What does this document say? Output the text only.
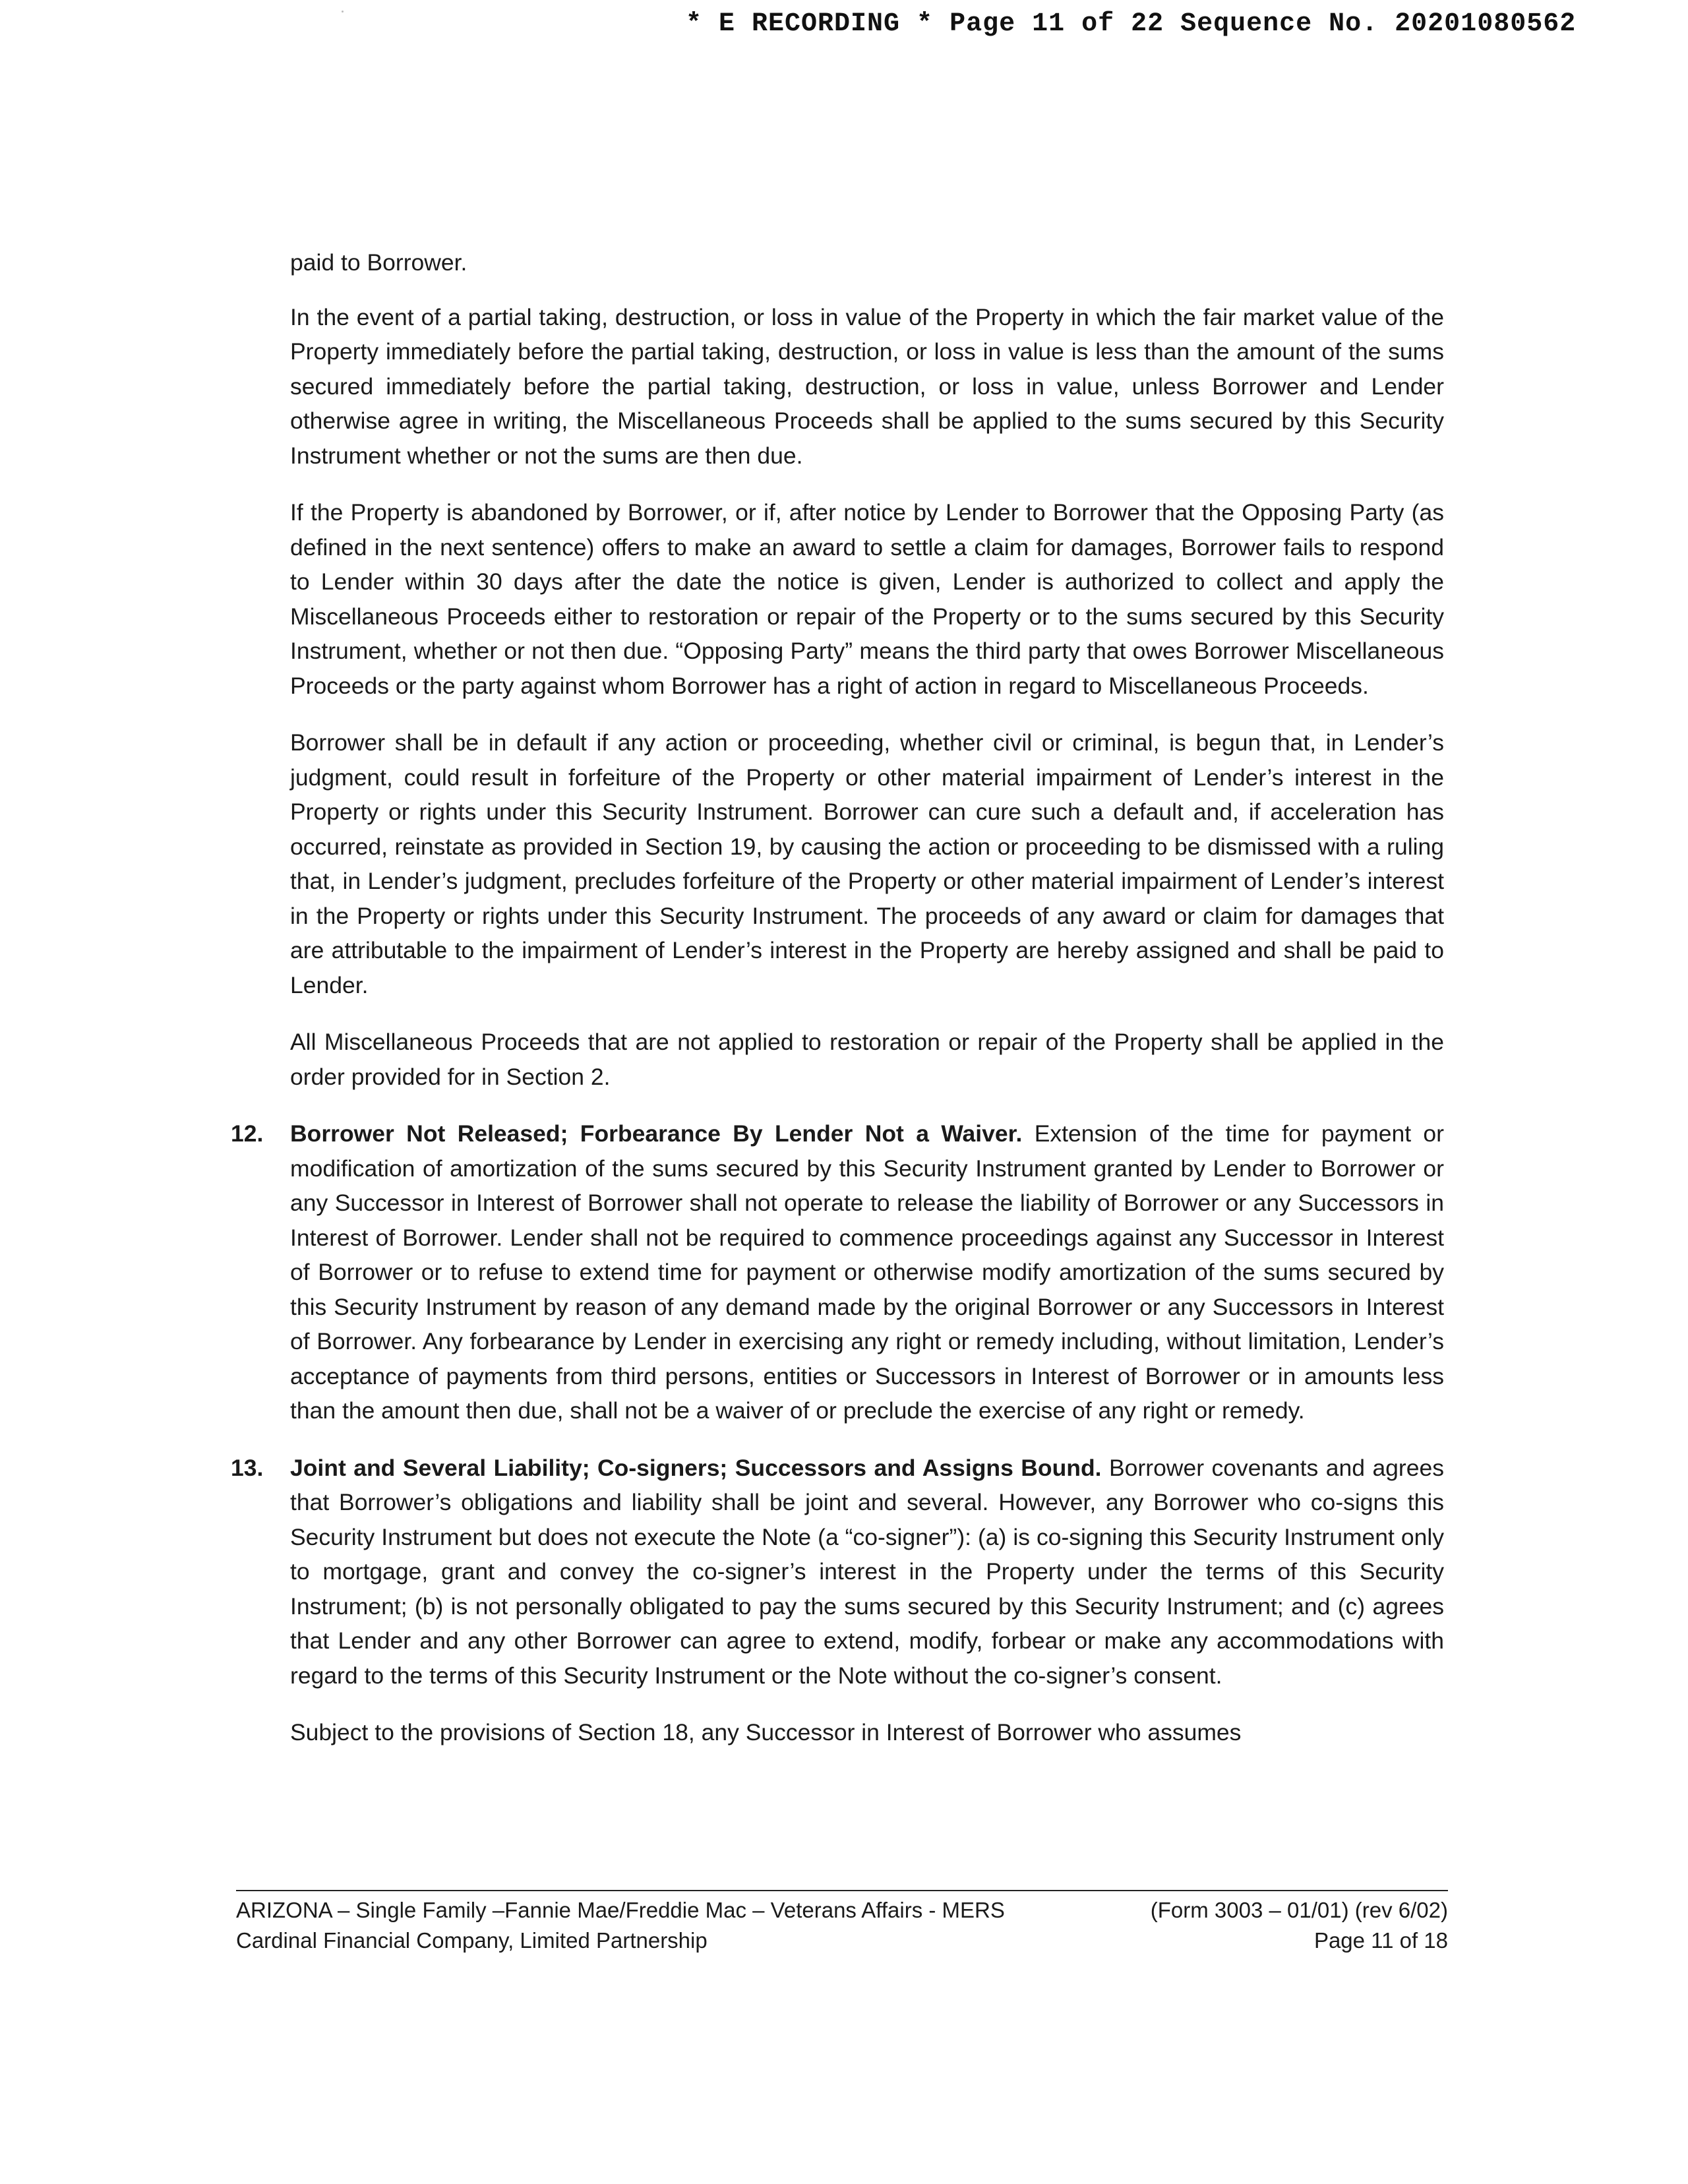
* E RECORDING * Page 11 of 22 Sequence No. 20201080562

paid to Borrower.

In the event of a partial taking, destruction, or loss in value of the Property in which the fair market value of the Property immediately before the partial taking, destruction, or loss in value is less than the amount of the sums secured immediately before the partial taking, destruction, or loss in value, unless Borrower and Lender otherwise agree in writing, the Miscellaneous Proceeds shall be applied to the sums secured by this Security Instrument whether or not the sums are then due.

If the Property is abandoned by Borrower, or if, after notice by Lender to Borrower that the Opposing Party (as defined in the next sentence) offers to make an award to settle a claim for damages, Borrower fails to respond to Lender within 30 days after the date the notice is given, Lender is authorized to collect and apply the Miscellaneous Proceeds either to restoration or repair of the Property or to the sums secured by this Security Instrument, whether or not then due. “Opposing Party” means the third party that owes Borrower Miscellaneous Proceeds or the party against whom Borrower has a right of action in regard to Miscellaneous Proceeds.

Borrower shall be in default if any action or proceeding, whether civil or criminal, is begun that, in Lender’s judgment, could result in forfeiture of the Property or other material impairment of Lender’s interest in the Property or rights under this Security Instrument. Borrower can cure such a default and, if acceleration has occurred, reinstate as provided in Section 19, by causing the action or proceeding to be dismissed with a ruling that, in Lender’s judgment, precludes forfeiture of the Property or other material impairment of Lender’s interest in the Property or rights under this Security Instrument. The proceeds of any award or claim for damages that are attributable to the impairment of Lender’s interest in the Property are hereby assigned and shall be paid to Lender.

All Miscellaneous Proceeds that are not applied to restoration or repair of the Property shall be applied in the order provided for in Section 2.

12.	Borrower Not Released; Forbearance By Lender Not a Waiver. Extension of the time for payment or modification of amortization of the sums secured by this Security Instrument granted by Lender to Borrower or any Successor in Interest of Borrower shall not operate to release the liability of Borrower or any Successors in Interest of Borrower. Lender shall not be required to commence proceedings against any Successor in Interest of Borrower or to refuse to extend time for payment or otherwise modify amortization of the sums secured by this Security Instrument by reason of any demand made by the original Borrower or any Successors in Interest of Borrower. Any forbearance by Lender in exercising any right or remedy including, without limitation, Lender’s acceptance of payments from third persons, entities or Successors in Interest of Borrower or in amounts less than the amount then due, shall not be a waiver of or preclude the exercise of any right or remedy.
13.	Joint and Several Liability; Co-signers; Successors and Assigns Bound. Borrower covenants and agrees that Borrower’s obligations and liability shall be joint and several. However, any Borrower who co-signs this Security Instrument but does not execute the Note (a “co-signer”): (a) is co-signing this Security Instrument only to mortgage, grant and convey the co-signer’s interest in the Property under the terms of this Security Instrument; (b) is not personally obligated to pay the sums secured by this Security Instrument; and (c) agrees that Lender and any other Borrower can agree to extend, modify, forbear or make any accommodations with regard to the terms of this Security Instrument or the Note without the co-signer’s consent.

Subject to the provisions of Section 18, any Successor in Interest of Borrower who assumes

ARIZONA – Single Family –Fannie Mae/Freddie Mac – Veterans Affairs - MERS	(Form 3003 – 01/01) (rev 6/02)
Cardinal Financial Company, Limited Partnership	Page 11 of 18
